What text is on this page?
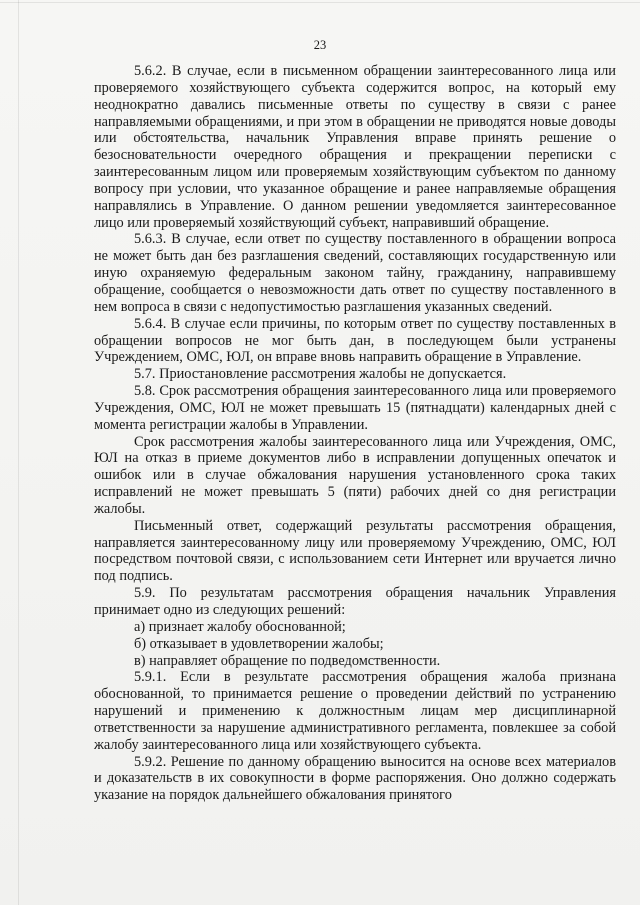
23

5.6.2. В случае, если в письменном обращении заинтересованного лица или проверяемого хозяйствующего субъекта содержится вопрос, на который ему неоднократно давались письменные ответы по существу в связи с ранее направляемыми обращениями, и при этом в обращении не приводятся новые доводы или обстоятельства, начальник Управления вправе принять решение о безосновательности очередного обращения и прекращении переписки с заинтересованным лицом или проверяемым хозяйствующим субъектом по данному вопросу при условии, что указанное обращение и ранее направляемые обращения направлялись в Управление. О данном решении уведомляется заинтересованное лицо или проверяемый хозяйствующий субъект, направивший обращение.

5.6.3. В случае, если ответ по существу поставленного в обращении вопроса не может быть дан без разглашения сведений, составляющих государственную или иную охраняемую федеральным законом тайну, гражданину, направившему обращение, сообщается о невозможности дать ответ по существу поставленного в нем вопроса в связи с недопустимостью разглашения указанных сведений.

5.6.4. В случае если причины, по которым ответ по существу поставленных в обращении вопросов не мог быть дан, в последующем были устранены Учреждением, ОМС, ЮЛ, он вправе вновь направить обращение в Управление.

5.7. Приостановление рассмотрения жалобы не допускается.

5.8. Срок рассмотрения обращения заинтересованного лица или проверяемого Учреждения, ОМС, ЮЛ не может превышать 15 (пятнадцати) календарных дней с момента регистрации жалобы в Управлении.

Срок рассмотрения жалобы заинтересованного лица или Учреждения, ОМС, ЮЛ на отказ в приеме документов либо в исправлении допущенных опечаток и ошибок или в случае обжалования нарушения установленного срока таких исправлений не может превышать 5 (пяти) рабочих дней со дня регистрации жалобы.

Письменный ответ, содержащий результаты рассмотрения обращения, направляется заинтересованному лицу или проверяемому Учреждению, ОМС, ЮЛ посредством почтовой связи, с использованием сети Интернет или вручается лично под подпись.

5.9. По результатам рассмотрения обращения начальник Управления принимает одно из следующих решений:

а) признает жалобу обоснованной;

б) отказывает в удовлетворении жалобы;

в) направляет обращение по подведомственности.

5.9.1. Если в результате рассмотрения обращения жалоба признана обоснованной, то принимается решение о проведении действий по устранению нарушений и применению к должностным лицам мер дисциплинарной ответственности за нарушение административного регламента, повлекшее за собой жалобу заинтересованного лица или хозяйствующего субъекта.

5.9.2. Решение по данному обращению выносится на основе всех материалов и доказательств в их совокупности в форме распоряжения. Оно должно содержать указание на порядок дальнейшего обжалования принятого
